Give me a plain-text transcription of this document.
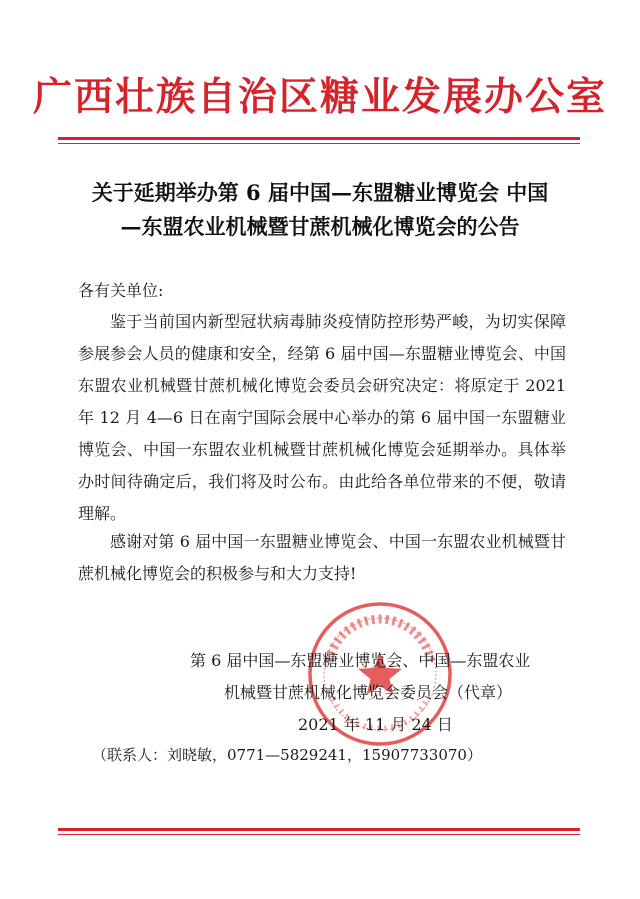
广西壮族自治区糖业发展办公室
关于延期举办第 6 届中国—东盟糖业博览会 中国
—东盟农业机械暨甘蔗机械化博览会的公告
各有关单位:
鉴于当前国内新型冠状病毒肺炎疫情防控形势严峻，为切实保障参展参会人员的健康和安全，经第 6 届中国—东盟糖业博览会、中国东盟农业机械暨甘蔗机械化博览会委员会研究决定：将原定于 2021 年 12 月 4—6 日在南宁国际会展中心举办的第 6 届中国一东盟糖业博览会、中国一东盟农业机械暨甘蔗机械化博览会延期举办。具体举办时间待确定后，我们将及时公布。由此给各单位带来的不便，敬请理解。
感谢对第 6 届中国一东盟糖业博览会、中国一东盟农业机械暨甘蔗机械化博览会的积极参与和大力支持!
第 6 届中国—东盟糖业博览会、中国—东盟农业
机械暨甘蔗机械化博览会委员会（代章）
2021 年 11 月 24 日
（联系人：刘晓敏，0771—5829241，15907733070）
